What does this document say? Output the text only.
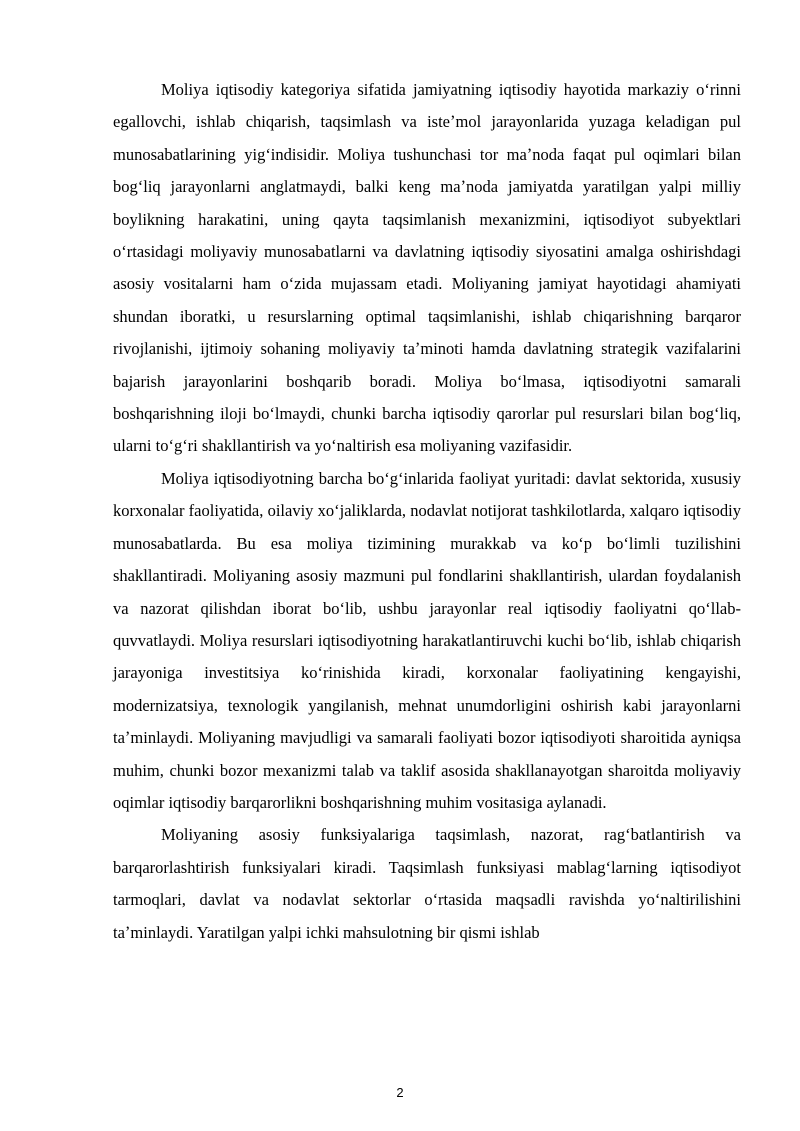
Moliya iqtisodiy kategoriya sifatida jamiyatning iqtisodiy hayotida markaziy oʻrinni egallovchi, ishlab chiqarish, taqsimlash va isteʼmol jarayonlarida yuzaga keladigan pul munosabatlarining yigʻindisidir. Moliya tushunchasi tor maʼnoda faqat pul oqimlari bilan bogʻliq jarayonlarni anglatmaydi, balki keng maʼnoda jamiyatda yaratilgan yalpi milliy boylikning harakatini, uning qayta taqsimlanish mexanizmini, iqtisodiyot subyektlari oʻrtasidagi moliyaviy munosabatlarni va davlatning iqtisodiy siyosatini amalga oshirishdagi asosiy vositalarni ham oʻzida mujassam etadi. Moliyaning jamiyat hayotidagi ahamiyati shundan iboratki, u resurslarning optimal taqsimlanishi, ishlab chiqarishning barqaror rivojlanishi, ijtimoiy sohaning moliyaviy taʼminoti hamda davlatning strategik vazifalarini bajarish jarayonlarini boshqarib boradi. Moliya boʻlmasa, iqtisodiyotni samarali boshqarishning iloji boʻlmaydi, chunki barcha iqtisodiy qarorlar pul resurslari bilan bogʻliq, ularni toʻgʻri shakllantirish va yoʻnaltirish esa moliyaning vazifasidir.

Moliya iqtisodiyotning barcha boʻgʻinlarida faoliyat yuritadi: davlat sektorida, xususiy korxonalar faoliyatida, oilaviy xoʻjaliklarda, nodavlat notijorat tashkilotlarda, xalqaro iqtisodiy munosabatlarda. Bu esa moliya tizimining murakkab va koʻp boʻlimli tuzilishini shakllantiradi. Moliyaning asosiy mazmuni pul fondlarini shakllantirish, ulardan foydalanish va nazorat qilishdan iborat boʻlib, ushbu jarayonlar real iqtisodiy faoliyatni qoʻllab-quvvatlaydi. Moliya resurslari iqtisodiyotning harakatlantiruvchi kuchi boʻlib, ishlab chiqarish jarayoniga investitsiya koʻrinishida kiradi, korxonalar faoliyatining kengayishi, modernizatsiya, texnologik yangilanish, mehnat unumdorligini oshirish kabi jarayonlarni taʼminlaydi. Moliyaning mavjudligi va samarali faoliyati bozor iqtisodiyoti sharoitida ayniqsa muhim, chunki bozor mexanizmi talab va taklif asosida shakllanayotgan sharoitda moliyaviy oqimlar iqtisodiy barqarorlikni boshqarishning muhim vositasiga aylanadi.

Moliyaning asosiy funksiyalariga taqsimlash, nazorat, ragʻbatlantirish va barqarorlashtirish funksiyalari kiradi. Taqsimlash funksiyasi mablagʻlarning iqtisodiyot tarmoqlari, davlat va nodavlat sektorlar oʻrtasida maqsadli ravishda yoʻnaltirilishini taʼminlaydi. Yaratilgan yalpi ichki mahsulotning bir qismi ishlab

2
